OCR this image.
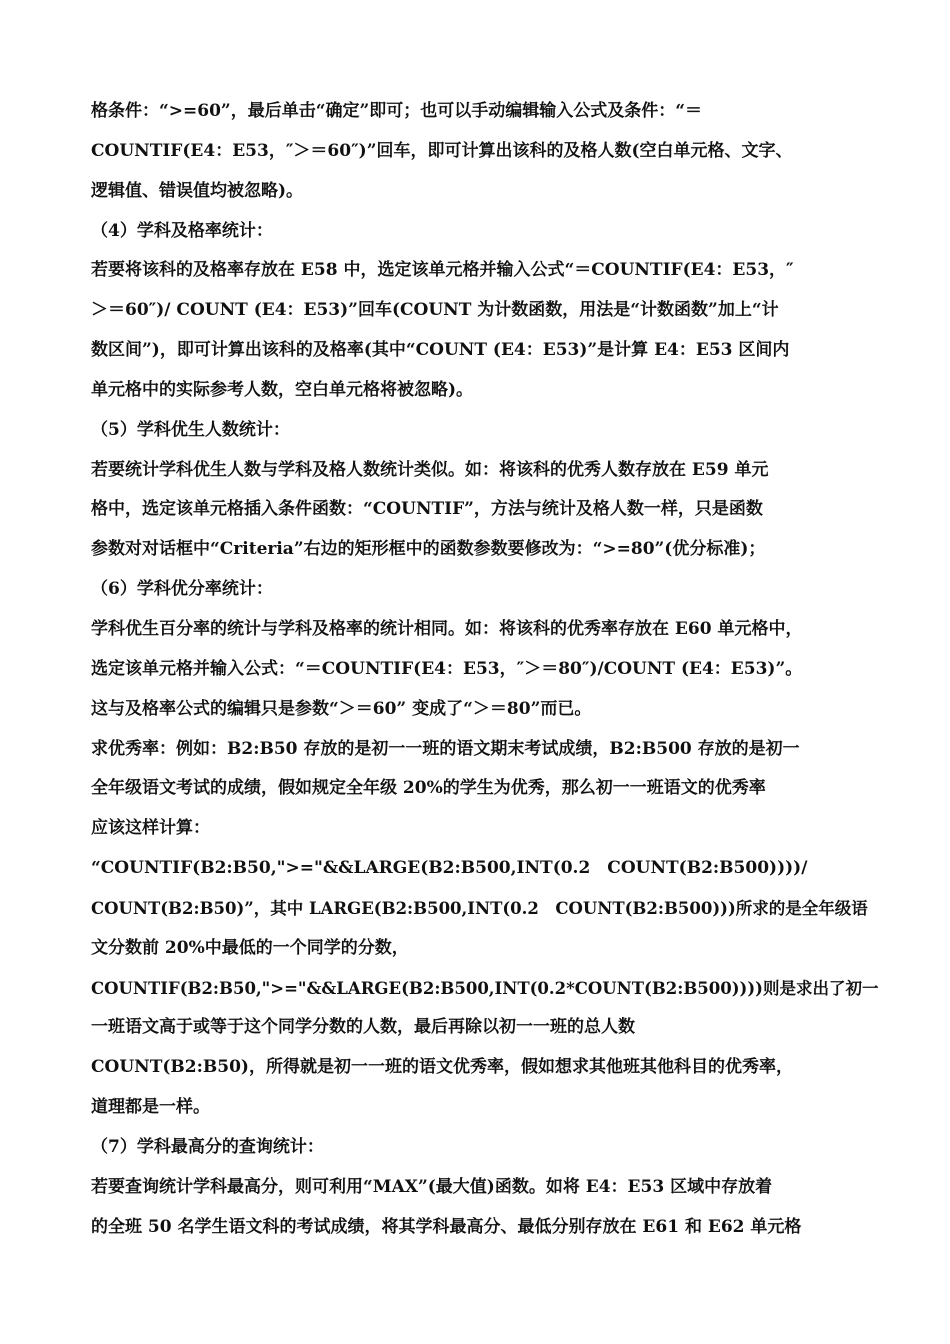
格条件：“>=60”，最后单击“确定”即可；也可以手动编辑输入公式及条件：“＝
COUNTIF(E4：E53，″＞＝60″)”回车，即可计算出该科的及格人数(空白单元格、文字、
逻辑值、错误值均被忽略)。
（4）学科及格率统计：
若要将该科的及格率存放在 E58 中，选定该单元格并输入公式“＝COUNTIF(E4：E53，″
＞＝60″)/ COUNT (E4：E53)”回车(COUNT 为计数函数，用法是“计数函数”加上“计
数区间”)，即可计算出该科的及格率(其中“COUNT (E4：E53)”是计算 E4：E53 区间内
单元格中的实际参考人数，空白单元格将被忽略)。
（5）学科优生人数统计：
若要统计学科优生人数与学科及格人数统计类似。如：将该科的优秀人数存放在 E59 单元
格中，选定该单元格插入条件函数：“COUNTIF”，方法与统计及格人数一样，只是函数
参数对对话框中“Criteria”右边的矩形框中的函数参数要修改为：“>=80”(优分标准)；
（6）学科优分率统计：
学科优生百分率的统计与学科及格率的统计相同。如：将该科的优秀率存放在 E60 单元格中，
选定该单元格并输入公式：“＝COUNTIF(E4：E53，″＞＝80″)/COUNT (E4：E53)”。
这与及格率公式的编辑只是参数“＞＝60” 变成了“＞＝80”而已。
求优秀率：例如：B2:B50 存放的是初一一班的语文期末考试成绩，B2:B500 存放的是初一
全年级语文考试的成绩，假如规定全年级 20%的学生为优秀，那么初一一班语文的优秀率
应该这样计算：
“COUNTIF(B2:B50,">="&&LARGE(B2:B500,INT(0.2　COUNT(B2:B500))))/
COUNT(B2:B50)”，其中 LARGE(B2:B500,INT(0.2　COUNT(B2:B500)))所求的是全年级语
文分数前 20%中最低的一个同学的分数，
COUNTIF(B2:B50,">="&&LARGE(B2:B500,INT(0.2*COUNT(B2:B500))))则是求出了初一
一班语文高于或等于这个同学分数的人数，最后再除以初一一班的总人数
COUNT(B2:B50)，所得就是初一一班的语文优秀率，假如想求其他班其他科目的优秀率，
道理都是一样。
（7）学科最高分的查询统计：
若要查询统计学科最高分，则可利用“MAX”(最大值)函数。如将 E4：E53 区域中存放着
的全班 50 名学生语文科的考试成绩，将其学科最高分、最低分别存放在 E61 和 E62 单元格
